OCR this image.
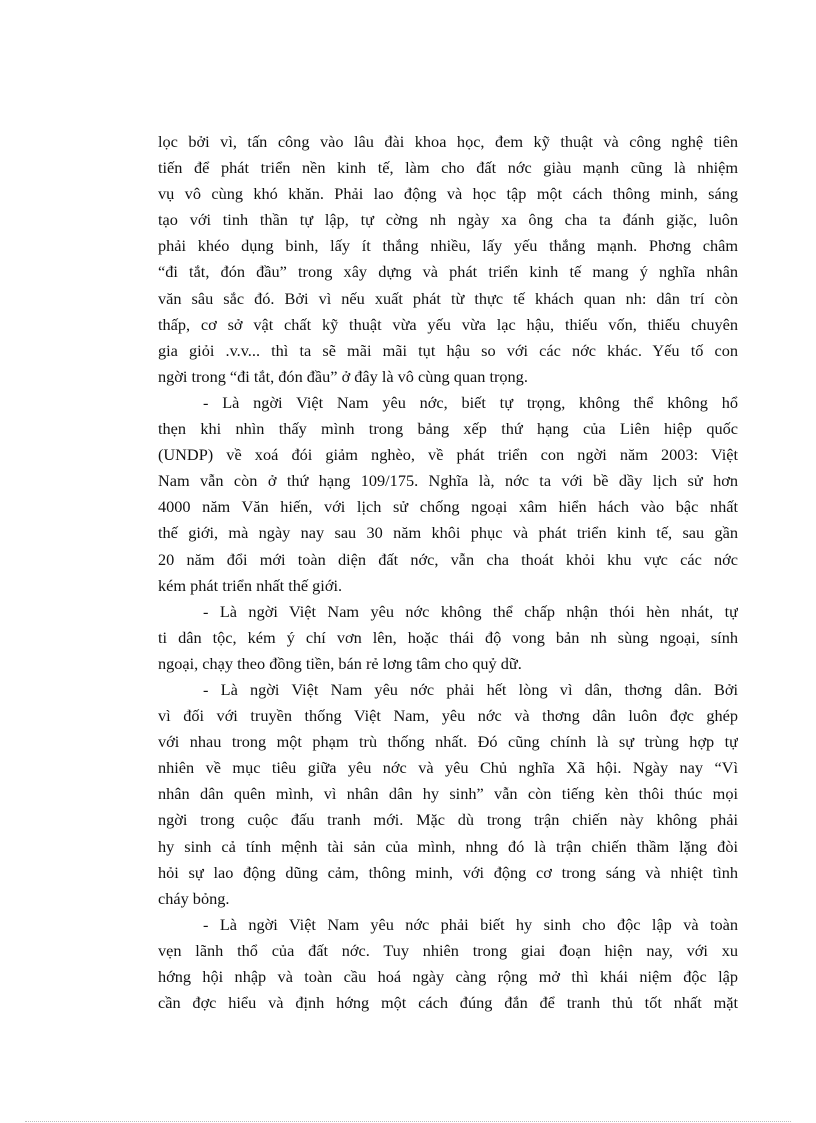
lọc bởi vì, tấn công vào lâu đài khoa học, đem kỹ thuật và công nghệ tiên
tiến để phát triển nền kinh tế, làm cho đất nớc giàu mạnh cũng là nhiệm
vụ vô cùng khó khăn. Phải lao động và học tập một cách thông minh, sáng
tạo với tinh thần tự lập, tự cờng nh ngày xa ông cha ta đánh giặc, luôn
phải khéo dụng binh, lấy ít thắng nhiều, lấy yếu thắng mạnh. Phơng châm
“đi tắt, đón đầu” trong xây dựng và phát triển kinh tế mang ý nghĩa nhân
văn sâu sắc đó. Bởi vì nếu xuất phát từ thực tế khách quan nh: dân trí còn
thấp, cơ sở vật chất kỹ thuật vừa yếu vừa lạc hậu, thiếu vốn, thiếu chuyên
gia giỏi .v.v... thì ta sẽ mãi mãi tụt hậu so với các nớc khác. Yếu tố con
ngời trong “đi tắt, đón đầu” ở đây là vô cùng quan trọng.
- Là ngời Việt Nam yêu nớc, biết tự trọng, không thể không hổ
thẹn khi nhìn thấy mình trong bảng xếp thứ hạng của Liên hiệp quốc
(UNDP) về xoá đói giảm nghèo, về phát triển con ngời năm 2003: Việt
Nam vẫn còn ở thứ hạng 109/175. Nghĩa là, nớc ta với bề dầy lịch sử hơn
4000 năm Văn hiến, với lịch sử chống ngoại xâm hiển hách vào bậc nhất
thế giới, mà ngày nay sau 30 năm khôi phục và phát triển kinh tế, sau gần
20 năm đổi mới toàn diện đất nớc, vẫn cha thoát khỏi khu vực các nớc
kém phát triển nhất thế giới.
- Là ngời Việt Nam yêu nớc không thể chấp nhận thói hèn nhát, tự
ti dân tộc, kém ý chí vơn lên, hoặc thái độ vong bản nh sùng ngoại, sính
ngoại, chạy theo đồng tiền, bán rẻ lơng tâm cho quỷ dữ.
- Là ngời Việt Nam yêu nớc phải hết lòng vì dân, thơng dân. Bởi
vì đối với truyền thống Việt Nam, yêu nớc và thơng dân luôn đợc ghép
với nhau trong một phạm trù thống nhất. Đó cũng chính là sự trùng hợp tự
nhiên về mục tiêu giữa yêu nớc và yêu Chủ nghĩa Xã hội. Ngày nay “Vì
nhân dân quên mình, vì nhân dân hy sinh” vẫn còn tiếng kèn thôi thúc mọi
ngời trong cuộc đấu tranh mới. Mặc dù trong trận chiến này không phải
hy sinh cả tính mệnh tài sản của mình, nhng đó là trận chiến thầm lặng đòi
hỏi sự lao động dũng cảm, thông minh, với động cơ trong sáng và nhiệt tình
cháy bỏng.
- Là ngời Việt Nam yêu nớc phải biết hy sinh cho độc lập và toàn
vẹn lãnh thổ của đất nớc. Tuy nhiên trong giai đoạn hiện nay, với xu
hớng hội nhập và toàn cầu hoá ngày càng rộng mở thì khái niệm độc lập
cần đợc hiểu và định hớng một cách đúng đắn để tranh thủ tốt nhất mặt
